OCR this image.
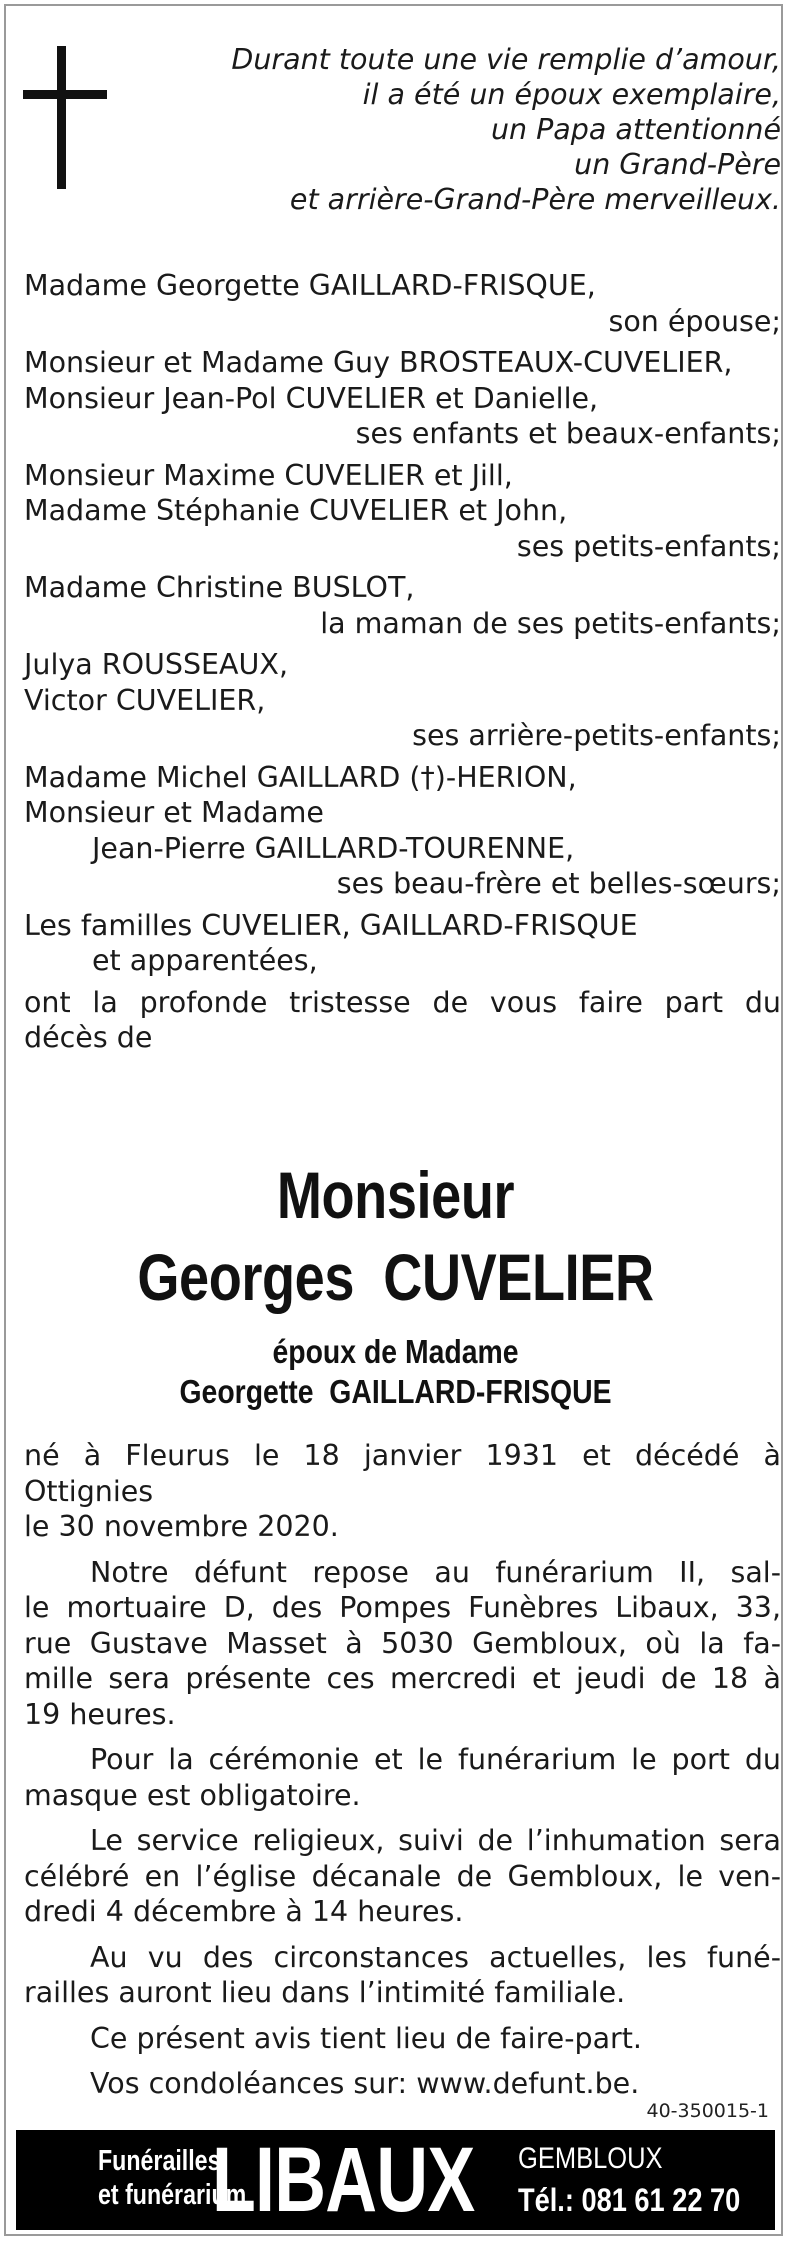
Durant toute une vie remplie d’amour,
il a été un époux exemplaire,
un Papa attentionné
un Grand-Père
et arrière-Grand-Père merveilleux.
Madame Georgette GAILLARD-FRISQUE,
son épouse;
Monsieur et Madame Guy BROSTEAUX-CUVELIER,
Monsieur Jean-Pol CUVELIER et Danielle,
ses enfants et beaux-enfants;
Monsieur Maxime CUVELIER et Jill,
Madame Stéphanie CUVELIER et John,
ses petits-enfants;
Madame Christine BUSLOT,
la maman de ses petits-enfants;
Julya ROUSSEAUX,
Victor CUVELIER,
ses arrière-petits-enfants;
Madame Michel GAILLARD (†)-HERION,
Monsieur et Madame
Jean-Pierre GAILLARD-TOURENNE,
ses beau-frère et belles-sœurs;
Les familles CUVELIER, GAILLARD-FRISQUE
et apparentées,
ont la profonde tristesse de vous faire part du
décès de
Monsieur
Georges  CUVELIER
époux de Madame
Georgette  GAILLARD-FRISQUE

né à Fleurus le 18 janvier 1931 et décédé à Ottignies
le 30 novembre 2020.

Notre défunt repose au funérarium II, sal-
le mortuaire D, des Pompes Funèbres Libaux, 33,
rue Gustave Masset à 5030 Gembloux, où la fa-
mille sera présente ces mercredi et jeudi de 18 à
19 heures.

Pour la cérémonie et le funérarium le port du
masque est obligatoire.

Le service religieux, suivi de l’inhumation sera
célébré en l’église décanale de Gembloux, le ven-
dredi 4 décembre à 14 heures.

Au vu des circonstances actuelles, les funé-
railles auront lieu dans l’intimité familiale.

Ce présent avis tient lieu de faire-part.

Vos condoléances sur: www.defunt.be.

40-350015-1
Funérailles
et funérarium
LIBAUX GEMBLOUX
Tél.: 081 61 22 70
